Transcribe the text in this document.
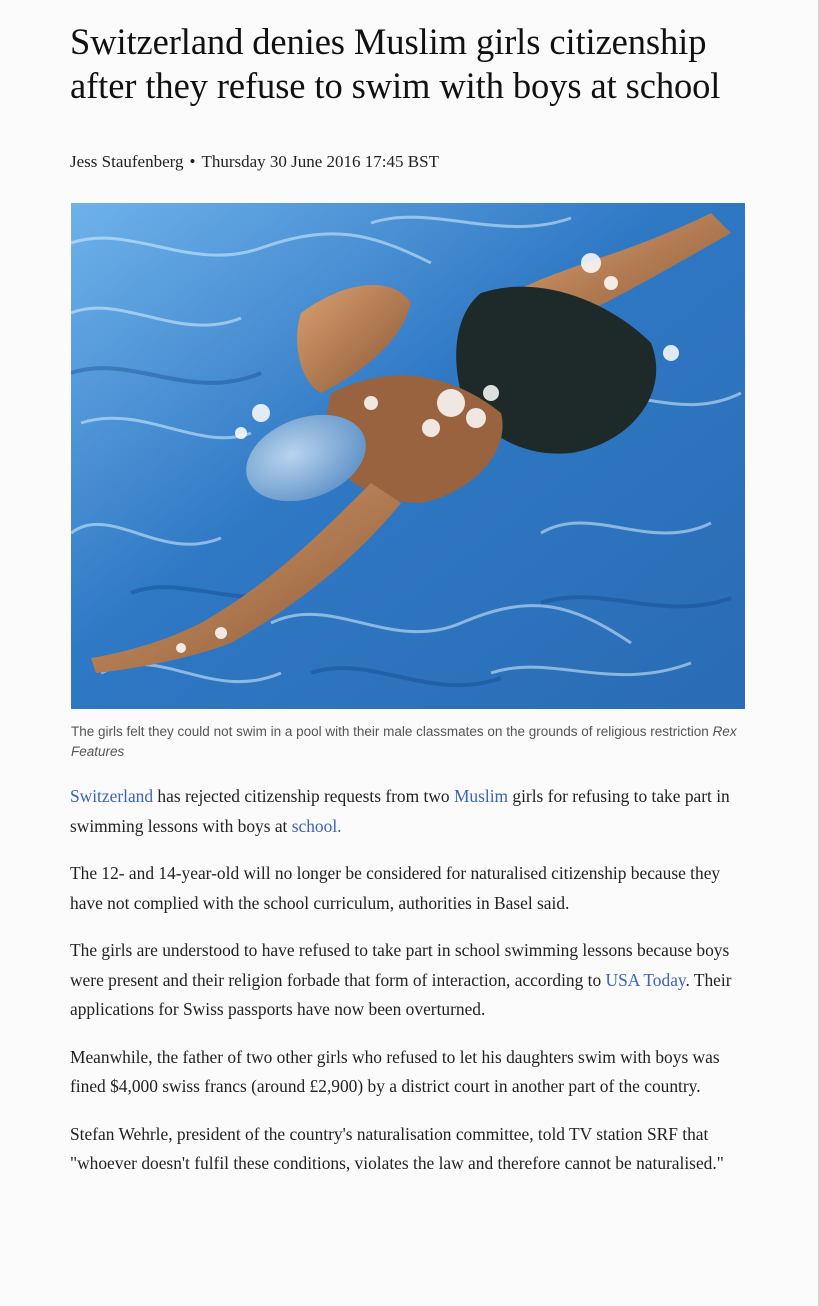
Switzerland denies Muslim girls citizenship after they refuse to swim with boys at school
Jess Staufenberg • Thursday 30 June 2016 17:45 BST
The girls felt they could not swim in a pool with their male classmates on the grounds of religious restriction Rex Features

Switzerland has rejected citizenship requests from two Muslim girls for refusing to take part in swimming lessons with boys at school.

The 12- and 14-year-old will no longer be considered for naturalised citizenship because they have not complied with the school curriculum, authorities in Basel said.

The girls are understood to have refused to take part in school swimming lessons because boys were present and their religion forbade that form of interaction, according to USA Today. Their applications for Swiss passports have now been overturned.

Meanwhile, the father of two other girls who refused to let his daughters swim with boys was fined $4,000 swiss francs (around £2,900) by a district court in another part of the country.

Stefan Wehrle, president of the country's naturalisation committee, told TV station SRF that "whoever doesn't fulfil these conditions, violates the law and therefore cannot be naturalised."
